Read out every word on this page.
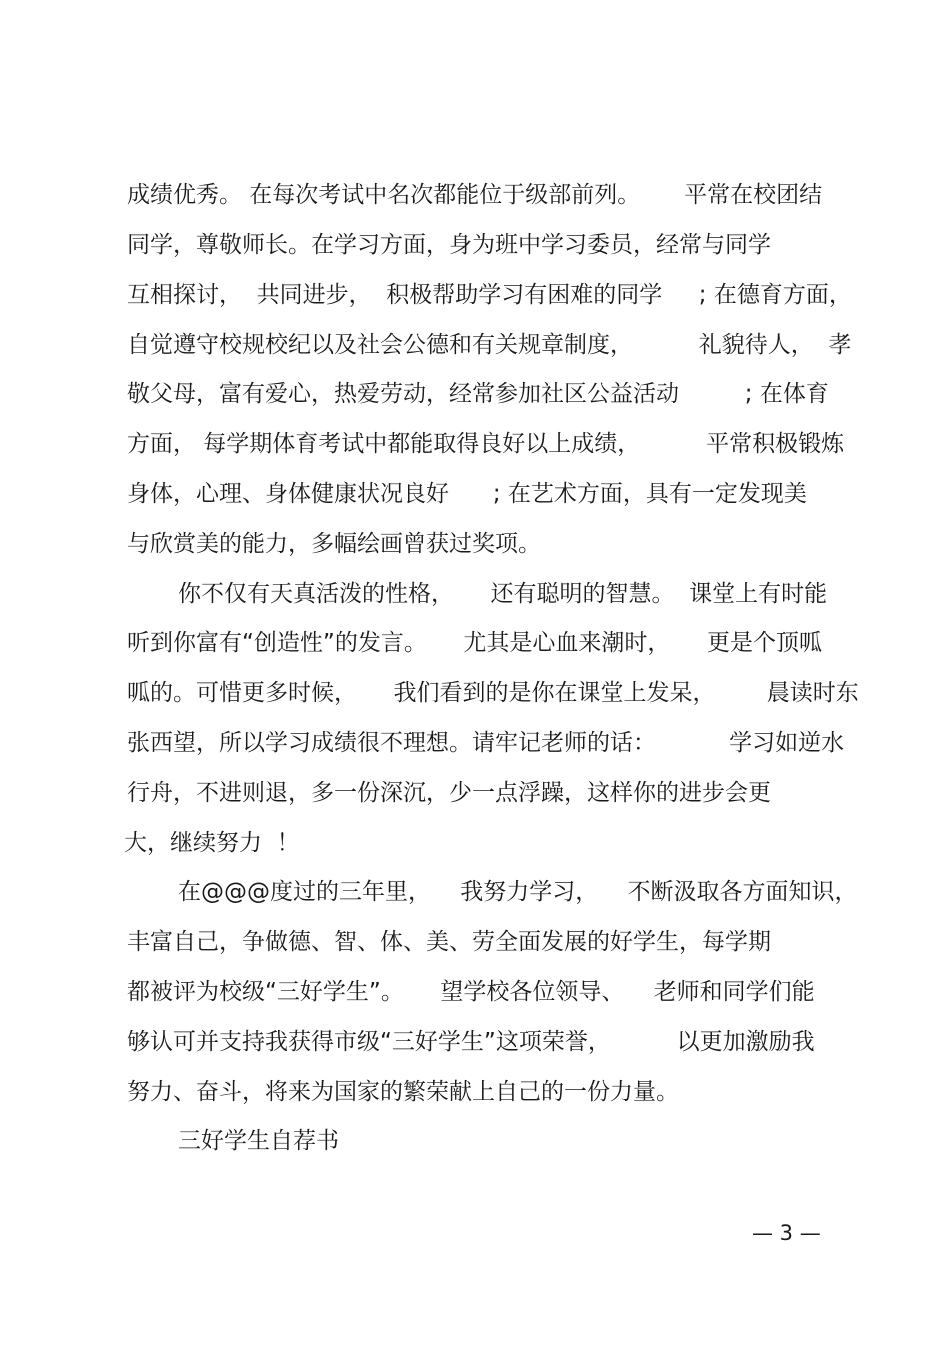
成绩优秀。 在每次考试中名次都能位于级部前列。      平常在校团结
同学，尊敬师长。在学习方面，身为班中学习委员，经常与同学
互相探讨，  共同进步，  积极帮助学习有困难的同学     ; 在德育方面，
自觉遵守校规校纪以及社会公德和有关规章制度，         礼貌待人，  孝
敬父母，富有爱心，热爱劳动，经常参加社区公益活动         ; 在体育
方面， 每学期体育考试中都能取得良好以上成绩，         平常积极锻炼
身体，心理、身体健康状况良好      ; 在艺术方面，具有一定发现美
与欣赏美的能力，多幅绘画曾获过奖项。
你不仅有天真活泼的性格，     还有聪明的智慧。  课堂上有时能
听到你富有“创造性”的发言。     尤其是心血来潮时，     更是个顶呱
呱的。可惜更多时候，     我们看到的是你在课堂上发呆，       晨读时东
张西望，所以学习成绩很不理想。请牢记老师的话：          学习如逆水
行舟，不进则退，多一份深沉，少一点浮躁，这样你的进步会更
大，继续努力  ！
在@@@度过的三年里，    我努力学习，    不断汲取各方面知识，
丰富自己，争做德、智、体、美、劳全面发展的好学生，每学期
都被评为校级“三好学生”。     望学校各位领导、    老师和同学们能
够认可并支持我获得市级“三好学生”这项荣誉，         以更加激励我
努力、奋斗，将来为国家的繁荣献上自己的一份力量。
三好学生自荐书
— 3 —
